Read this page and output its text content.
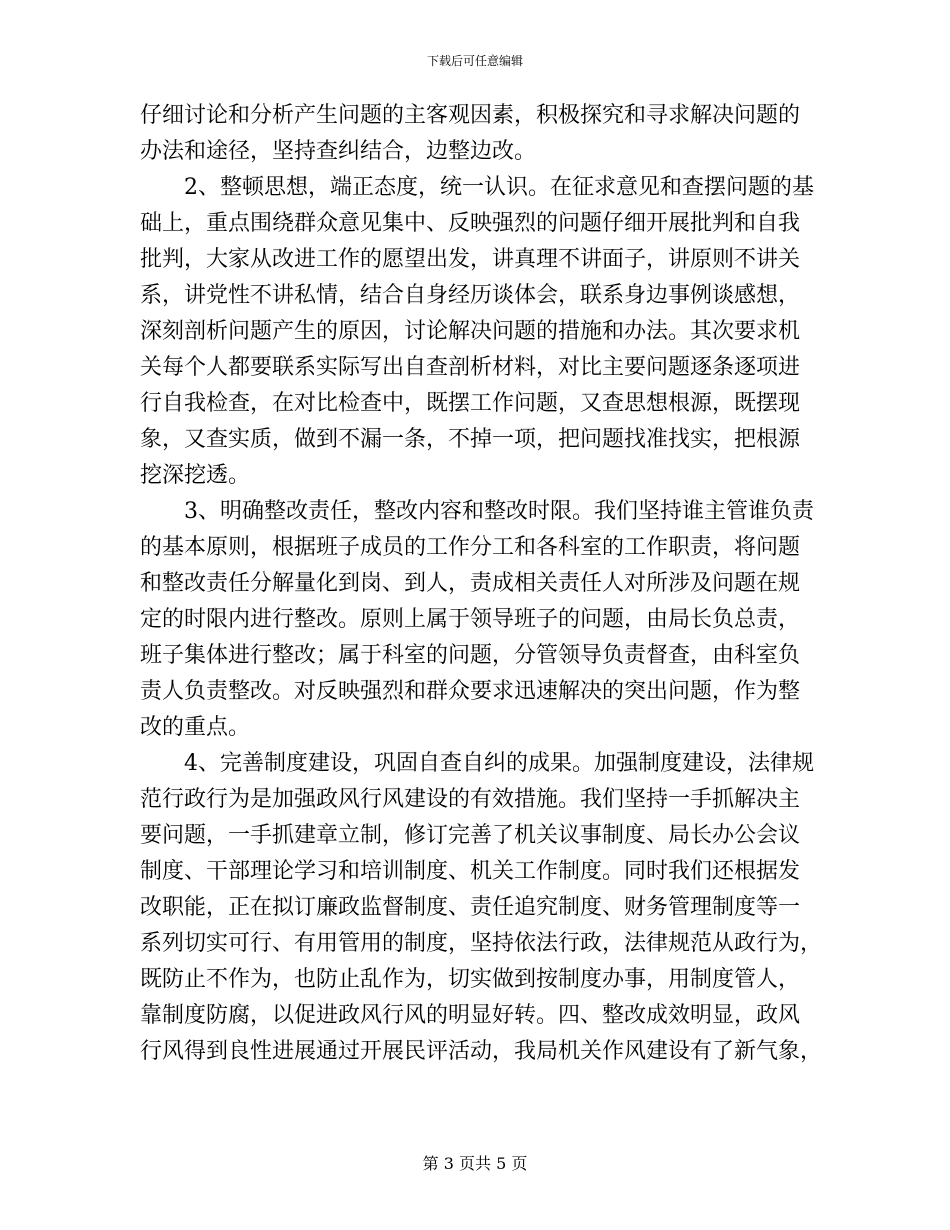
下载后可任意编辑
仔细讨论和分析产生问题的主客观因素，积极探究和寻求解决问题的
办法和途径，坚持查纠结合，边整边改。
2、整顿思想，端正态度，统一认识。在征求意见和查摆问题的基
础上，重点围绕群众意见集中、反映强烈的问题仔细开展批判和自我
批判，大家从改进工作的愿望出发，讲真理不讲面子，讲原则不讲关
系，讲党性不讲私情，结合自身经历谈体会，联系身边事例谈感想，
深刻剖析问题产生的原因，讨论解决问题的措施和办法。其次要求机
关每个人都要联系实际写出自查剖析材料，对比主要问题逐条逐项进
行自我检查，在对比检查中，既摆工作问题，又查思想根源，既摆现
象，又查实质，做到不漏一条，不掉一项，把问题找准找实，把根源
挖深挖透。
3、明确整改责任，整改内容和整改时限。我们坚持谁主管谁负责
的基本原则，根据班子成员的工作分工和各科室的工作职责，将问题
和整改责任分解量化到岗、到人，责成相关责任人对所涉及问题在规
定的时限内进行整改。原则上属于领导班子的问题，由局长负总责，
班子集体进行整改；属于科室的问题，分管领导负责督查，由科室负
责人负责整改。对反映强烈和群众要求迅速解决的突出问题，作为整
改的重点。
4、完善制度建设，巩固自查自纠的成果。加强制度建设，法律规
范行政行为是加强政风行风建设的有效措施。我们坚持一手抓解决主
要问题，一手抓建章立制，修订完善了机关议事制度、局长办公会议
制度、干部理论学习和培训制度、机关工作制度。同时我们还根据发
改职能，正在拟订廉政监督制度、责任追究制度、财务管理制度等一
系列切实可行、有用管用的制度，坚持依法行政，法律规范从政行为，
既防止不作为，也防止乱作为，切实做到按制度办事，用制度管人，
靠制度防腐，以促进政风行风的明显好转。四、整改成效明显，政风
行风得到良性进展通过开展民评活动，我局机关作风建设有了新气象，
第 3 页共 5 页
